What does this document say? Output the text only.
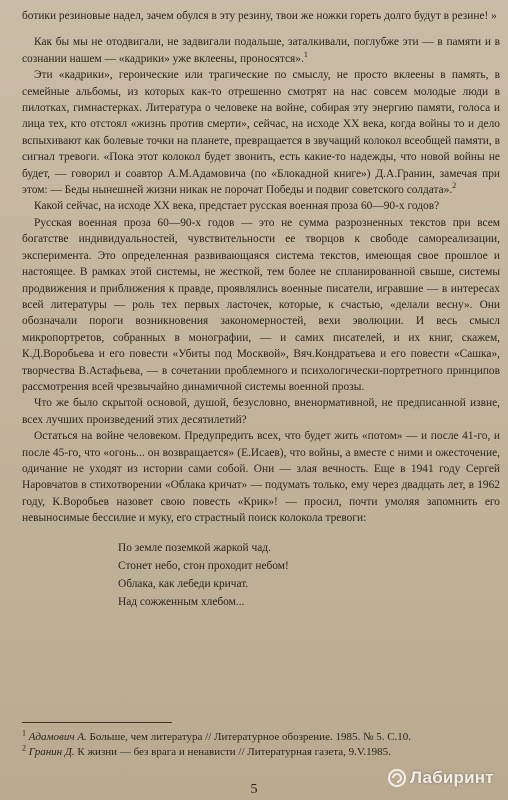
ботики резиновые надел, зачем обулся в эту резину, твои же ножки гореть долго будут в резине! »

Как бы мы не отодвигали, не задвигали подальше, заталкивали, поглубже эти — в памяти и в сознании нашем — «кадрики» уже вклеены, проносятся».$^1$

Эти «кадрики», героические или трагические по смыслу, не просто вклеены в память, в семейные альбомы, из которых как-то отрешенно смотрят на нас совсем молодые люди в пилотках, гимнастерках. Литература о человеке на войне, собирая эту энергию памяти, голоса и лица тех, кто отстоял «жизнь против смерти», сейчас, на исходе XX века, когда войны то и дело вспыхивают как болевые точки на планете, превращается в звучащий колокол всеобщей памяти, в сигнал тревоги. «Пока этот колокол будет звонить, есть какие-то надежды, что новой войны не будет, — говорил и соавтор А.М.Адамовича (по «Блокадной книге») Д.А.Гранин, замечая при этом: — Беды нынешней жизни никак не порочат Победы и подвиг советского солдата».$^2$

Какой сейчас, на исходе XX века, предстает русская военная проза 60—90-х годов?

Русская военная проза 60—90-х годов — это не сумма разрозненных текстов при всем богатстве индивидуальностей, чувствительности ее творцов к свободе самореализации, эксперимента. Это определенная развивающаяся система текстов, имеющая свое прошлое и настоящее. В рамках этой системы, не жесткой, тем более не спланированной свыше, системы продвижения и приближения к правде, проявлялись военные писатели, игравшие — в интересах всей литературы — роль тех первых ласточек, которые, к счастью, «делали весну». Они обозначали пороги возникновения закономерностей, вехи эволюции. И весь смысл микропортретов, собранных в монографии, — и самих писателей, и их книг, скажем, К.Д.Воробьева и его повести «Убиты под Москвой», Вяч.Кондратьева и его повести «Сашка», творчества В.Астафьева, — в сочетании проблемного и психологически-портретного принципов рассмотрения всей чрезвычайно динамичной системы военной прозы.

Что же было скрытой основой, душой, безусловно, вненормативной, не предписанной извне, всех лучших произведений этих десятилетий?

Остаться на войне человеком. Предупредить всех, что будет жить «потом» — и после 41-го, и после 45-го, что «огонь... он возвращается» (Е.Исаев), что войны, а вместе с ними и ожесточение, одичание не уходят из истории сами собой. Они — злая вечность. Еще в 1941 году Сергей Наровчатов в стихотворении «Облака кричат» — подумать только, ему через двадцать лет, в 1962 году, К.Воробьев назовет свою повесть «Крик»! — просил, почти умоляя запомнить его невыносимые бессилие и муку, его страстный поиск колокола тревоги:

По земле поземкой жаркой чад.
Стонет небо, стон проходит небом!
Облака, как лебеди кричат.
Над сожженным хлебом...

$^1$ Адамович А. Больше, чем литература // Литературное обозрение. 1985. № 5. С.10.

$^2$ Гранин Д. К жизни — без врага и ненависти // Литературная газета, 9.V.1985.

Лабиринт
5
